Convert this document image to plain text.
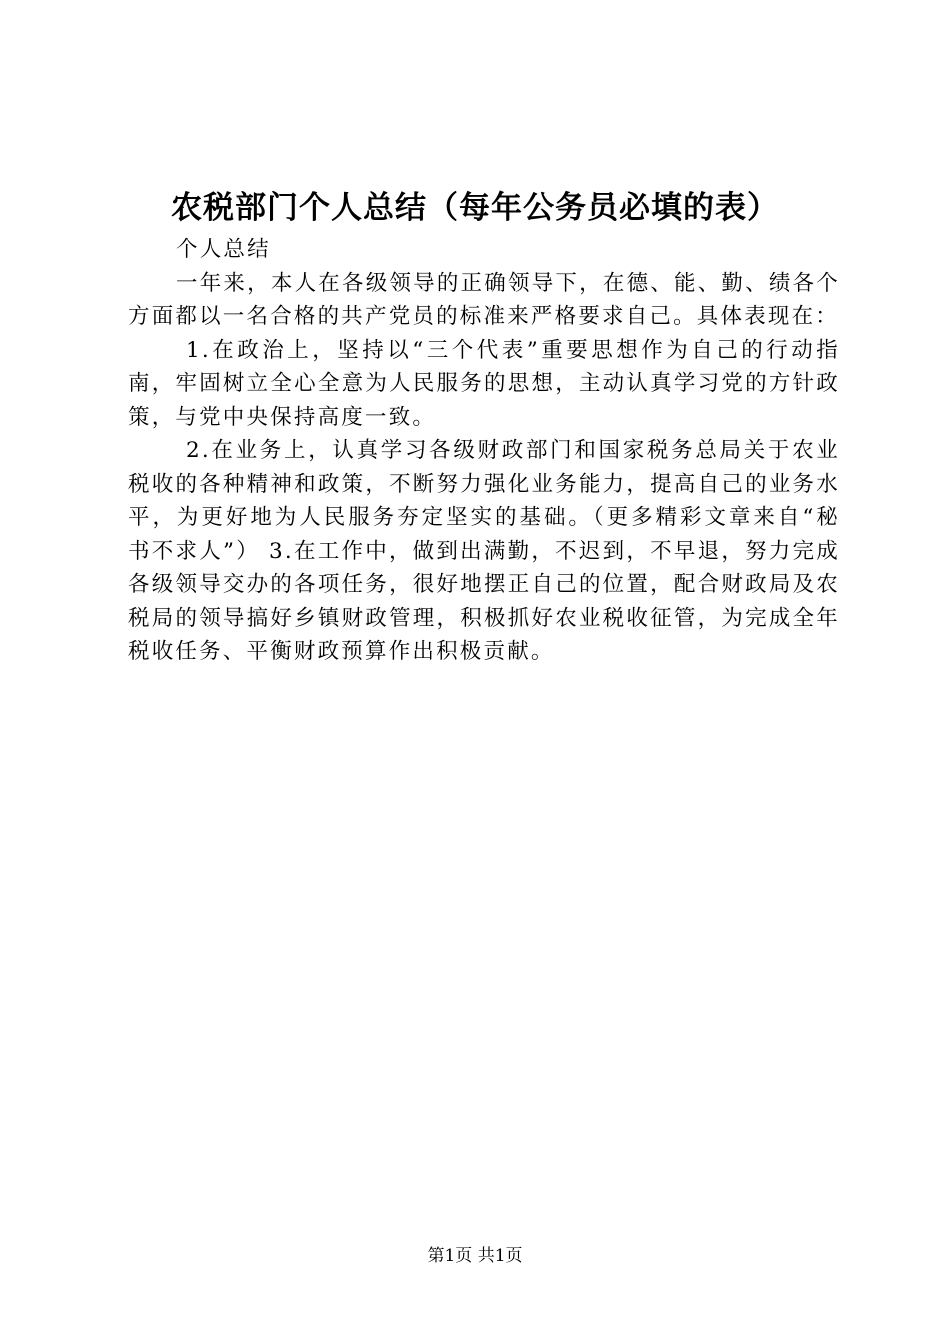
农税部门个人总结（每年公务员必填的表）

个人总结

一年来，本人在各级领导的正确领导下，在德、能、勤、绩各个方面都以一名合格的共产党员的标准来严格要求自己。具体表现在：

1.在政治上，坚持以“三个代表”重要思想作为自己的行动指南，牢固树立全心全意为人民服务的思想，主动认真学习党的方针政策，与党中央保持高度一致。

2.在业务上，认真学习各级财政部门和国家税务总局关于农业税收的各种精神和政策，不断努力强化业务能力，提高自己的业务水平，为更好地为人民服务夯定坚实的基础。（更多精彩文章来自“秘书不求人”） 3.在工作中，做到出满勤，不迟到，不早退，努力完成各级领导交办的各项任务，很好地摆正自己的位置，配合财政局及农税局的领导搞好乡镇财政管理，积极抓好农业税收征管，为完成全年税收任务、平衡财政预算作出积极贡献。

第1页 共1页
